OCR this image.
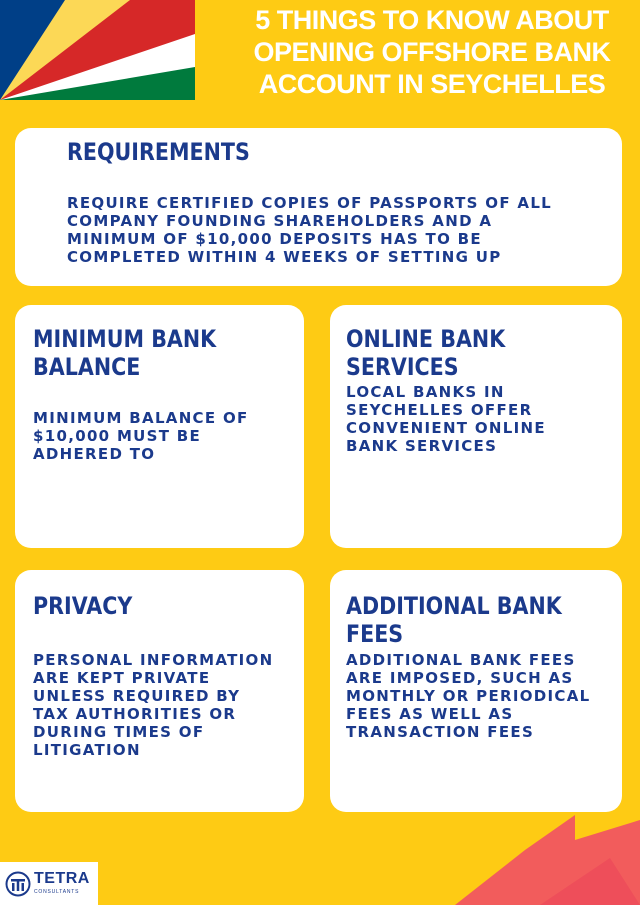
5 THINGS TO KNOW ABOUT
OPENING OFFSHORE BANK
ACCOUNT IN SEYCHELLES
REQUIREMENTS
REQUIRE CERTIFIED COPIES OF PASSPORTS OF ALL
COMPANY FOUNDING SHAREHOLDERS AND A
MINIMUM OF $10,000 DEPOSITS HAS TO BE
COMPLETED WITHIN 4 WEEKS OF SETTING UP
MINIMUM BANK
BALANCE
MINIMUM BALANCE OF
$10,000 MUST BE
ADHERED TO
ONLINE BANK SERVICES
LOCAL BANKS IN
SEYCHELLES OFFER
CONVENIENT ONLINE
BANK SERVICES
PRIVACY
PERSONAL INFORMATION
ARE KEPT PRIVATE
UNLESS REQUIRED BY
TAX AUTHORITIES OR
DURING TIMES OF
LITIGATION
ADDITIONAL BANK FEES
ADDITIONAL BANK FEES
ARE IMPOSED, SUCH AS
MONTHLY OR PERIODICAL
FEES AS WELL AS
TRANSACTION FEES
TETRA
CONSULTANTS
